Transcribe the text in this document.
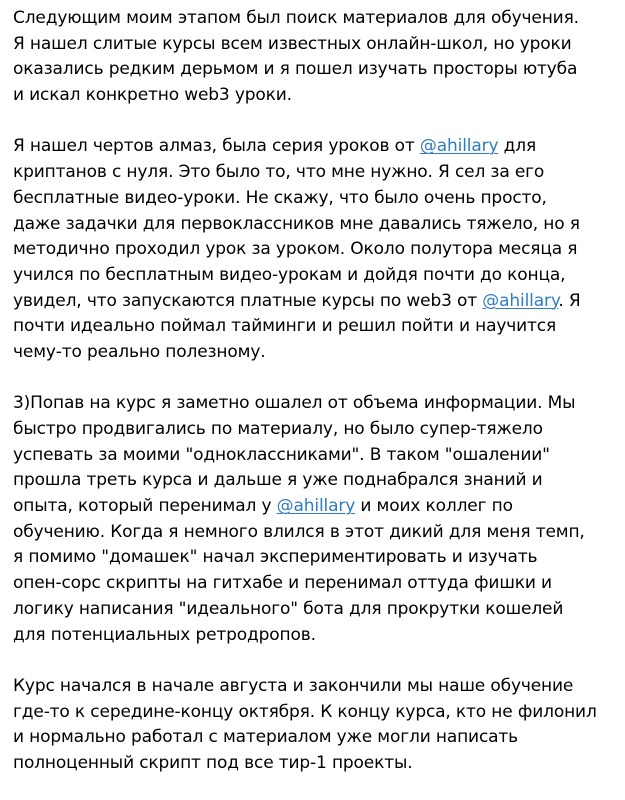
Следующим моим этапом был поиск материалов для обучения.
Я нашел слитые курсы всем известных онлайн-школ, но уроки
оказались редким дерьмом и я пошел изучать просторы ютуба
и искал конкретно web3 уроки.
Я нашел чертов алмаз, была серия уроков от @ahillary для
криптанов с нуля. Это было то, что мне нужно. Я сел за его
бесплатные видео-уроки. Не скажу, что было очень просто,
даже задачки для первоклассников мне давались тяжело, но я
методично проходил урок за уроком. Около полутора месяца я
учился по бесплатным видео-урокам и дойдя почти до конца,
увидел, что запускаются платные курсы по web3 от @ahillary. Я
почти идеально поймал тайминги и решил пойти и научится
чему-то реально полезному.
3)Попав на курс я заметно ошалел от объема информации. Мы
быстро продвигались по материалу, но было супер-тяжело
успевать за моими "одноклассниками". В таком "ошалении"
прошла треть курса и дальше я уже поднабрался знаний и
опыта, который перенимал у @ahillary и моих коллег по
обучению. Когда я немного влился в этот дикий для меня темп,
я помимо "домашек" начал экспериментировать и изучать
опен-сорс скрипты на гитхабе и перенимал оттуда фишки и
логику написания "идеального" бота для прокрутки кошелей
для потенциальных ретродропов.
Курс начался в начале августа и закончили мы наше обучение
где-то к середине-концу октября. К концу курса, кто не филонил
и нормально работал с материалом уже могли написать
полноценный скрипт под все тир-1 проекты.
